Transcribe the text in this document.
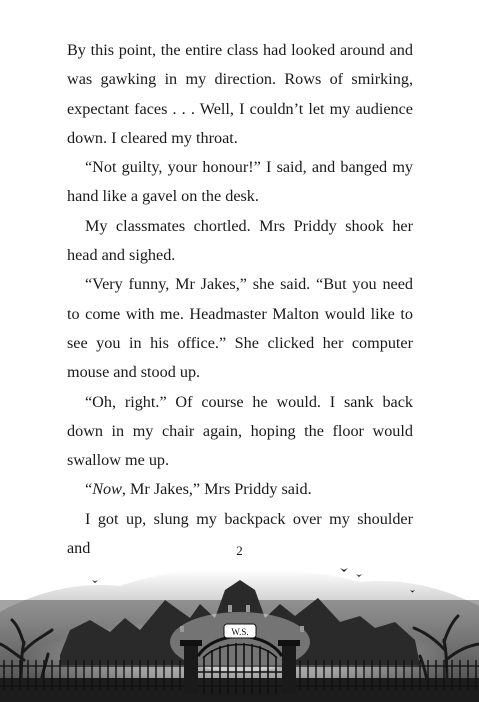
By this point, the entire class had looked around and was gawking in my direction. Rows of smirking, expectant faces . . . Well, I couldn’t let my audience down. I cleared my throat.

“Not guilty, your honour!” I said, and banged my hand like a gavel on the desk.

My classmates chortled. Mrs Priddy shook her head and sighed.

“Very funny, Mr Jakes,” she said. “But you need to come with me. Headmaster Malton would like to see you in his office.” She clicked her computer mouse and stood up.

“Oh, right.” Of course he would. I sank back down in my chair again, hoping the floor would swallow me up.

“Now, Mr Jakes,” Mrs Priddy said.

I got up, slung my backpack over my shoulder and	2
W.S.
